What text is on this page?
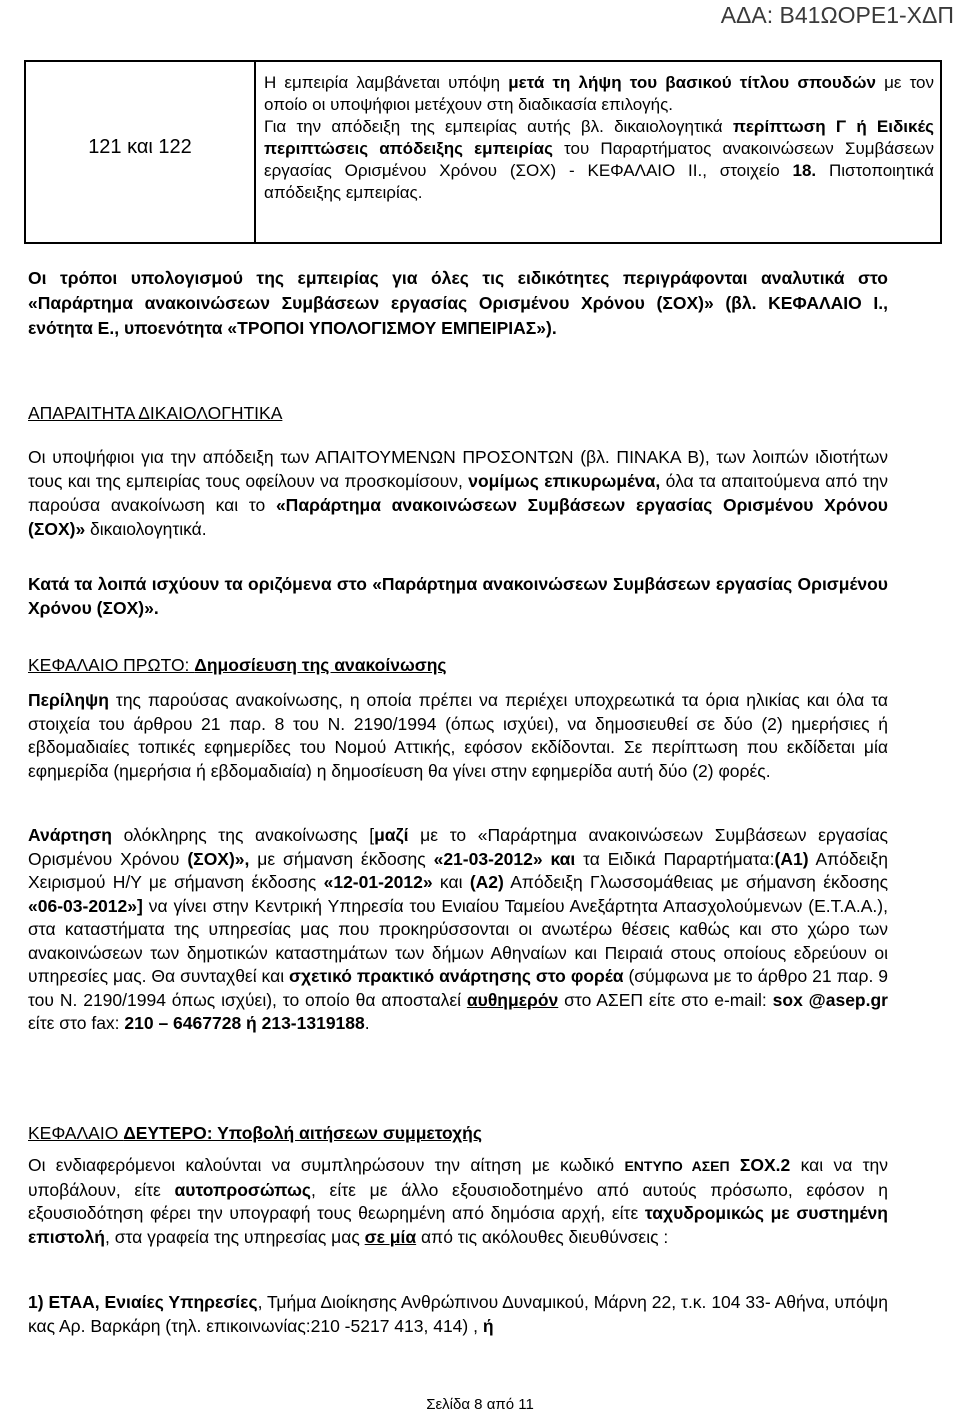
ΑΔΑ: Β41ΩΟΡΕ1-ΧΔΠ
121 και 122

Η εμπειρία λαμβάνεται υπόψη μετά τη λήψη του βασικού τίτλου σπουδών με τον οποίο οι υποψήφιοι μετέχουν στη διαδικασία επιλογής.

Για την απόδειξη της εμπειρίας αυτής βλ. δικαιολογητικά περίπτωση Γ ή Ειδικές περιπτώσεις απόδειξης εμπειρίας του Παραρτήματος ανακοινώσεων Συμβάσεων εργασίας Ορισμένου Χρόνου (ΣΟΧ) - ΚΕΦΑΛΑΙΟ ΙΙ., στοιχείο 18. Πιστοποιητικά απόδειξης εμπειρίας.

Οι τρόποι υπολογισμού της εμπειρίας για όλες τις ειδικότητες περιγράφονται αναλυτικά στο «Παράρτημα ανακοινώσεων Συμβάσεων εργασίας Ορισμένου Χρόνου (ΣΟΧ)» (βλ. ΚΕΦΑΛΑΙΟ Ι., ενότητα Ε., υποενότητα «ΤΡΟΠΟΙ ΥΠΟΛΟΓΙΣΜΟΥ ΕΜΠΕΙΡΙΑΣ»).

ΑΠΑΡΑΙΤΗΤΑ ΔΙΚΑΙΟΛΟΓΗΤΙΚΑ

Οι υποψήφιοι για την απόδειξη των ΑΠΑΙΤΟΥΜΕΝΩΝ ΠΡΟΣΟΝΤΩΝ (βλ. ΠΙΝΑΚΑ Β), των λοιπών ιδιοτήτων τους και της εμπειρίας τους οφείλουν να προσκομίσουν, νομίμως επικυρωμένα, όλα τα απαιτούμενα από την παρούσα ανακοίνωση και το «Παράρτημα ανακοινώσεων Συμβάσεων εργασίας Ορισμένου Χρόνου (ΣΟΧ)» δικαιολογητικά.

Κατά τα λοιπά ισχύουν τα οριζόμενα στο «Παράρτημα ανακοινώσεων Συμβάσεων εργασίας Ορισμένου Χρόνου (ΣΟΧ)».

ΚΕΦΑΛΑΙΟ ΠΡΩΤΟ: Δημοσίευση της ανακοίνωσης

Περίληψη της παρούσας ανακοίνωσης, η οποία πρέπει να περιέχει υποχρεωτικά τα όρια ηλικίας και όλα τα στοιχεία του άρθρου 21 παρ. 8 του Ν. 2190/1994 (όπως ισχύει), να δημοσιευθεί σε δύο (2) ημερήσιες ή εβδομαδιαίες τοπικές εφημερίδες του Νομού Αττικής, εφόσον εκδίδονται. Σε περίπτωση που εκδίδεται μία εφημερίδα (ημερήσια ή εβδομαδιαία) η δημοσίευση θα γίνει στην εφημερίδα αυτή δύο (2) φορές.

Ανάρτηση ολόκληρης της ανακοίνωσης [μαζί με το «Παράρτημα ανακοινώσεων Συμβάσεων εργασίας Ορισμένου Χρόνου (ΣΟΧ)», με σήμανση έκδοσης «21-03-2012» και τα Ειδικά Παραρτήματα:(Α1) Απόδειξη Χειρισμού Η/Υ με σήμανση έκδοσης «12-01-2012» και (Α2) Απόδειξη Γλωσσομάθειας με σήμανση έκδοσης «06-03-2012»] να γίνει στην Κεντρική Υπηρεσία του Ενιαίου Ταμείου Ανεξάρτητα Απασχολούμενων (Ε.Τ.Α.Α.), στα καταστήματα της υπηρεσίας μας που προκηρύσσονται οι ανωτέρω θέσεις καθώς και στο χώρο των ανακοινώσεων των δημοτικών καταστημάτων των δήμων Αθηναίων και Πειραιά στους οποίους εδρεύουν οι υπηρεσίες μας. Θα συνταχθεί και σχετικό πρακτικό ανάρτησης στο φορέα (σύμφωνα με το άρθρο 21 παρ. 9 του Ν. 2190/1994 όπως ισχύει), το οποίο θα αποσταλεί αυθημερόν στο ΑΣΕΠ είτε στο e-mail: sox @asep.gr είτε στο fax: 210 – 6467728 ή 213-1319188.

ΚΕΦΑΛΑΙΟ ΔΕΥΤΕΡΟ: Υποβολή αιτήσεων συμμετοχής

Οι ενδιαφερόμενοι καλούνται να συμπληρώσουν την αίτηση με κωδικό ΕΝΤΥΠΟ ΑΣΕΠ ΣΟΧ.2 και να την υποβάλουν, είτε αυτοπροσώπως, είτε με άλλο εξουσιοδοτημένο από αυτούς πρόσωπο, εφόσον η εξουσιοδότηση φέρει την υπογραφή τους θεωρημένη από δημόσια αρχή, είτε ταχυδρομικώς με συστημένη επιστολή, στα γραφεία της υπηρεσίας μας σε μία από τις ακόλουθες διευθύνσεις :

1) ΕΤΑΑ, Ενιαίες Υπηρεσίες, Τμήμα Διοίκησης Ανθρώπινου Δυναμικού, Μάρνη 22, τ.κ. 104 33- Αθήνα, υπόψη κας Αρ. Βαρκάρη (τηλ. επικοινωνίας:210 -5217 413, 414) , ή

Σελίδα 8 από 11
